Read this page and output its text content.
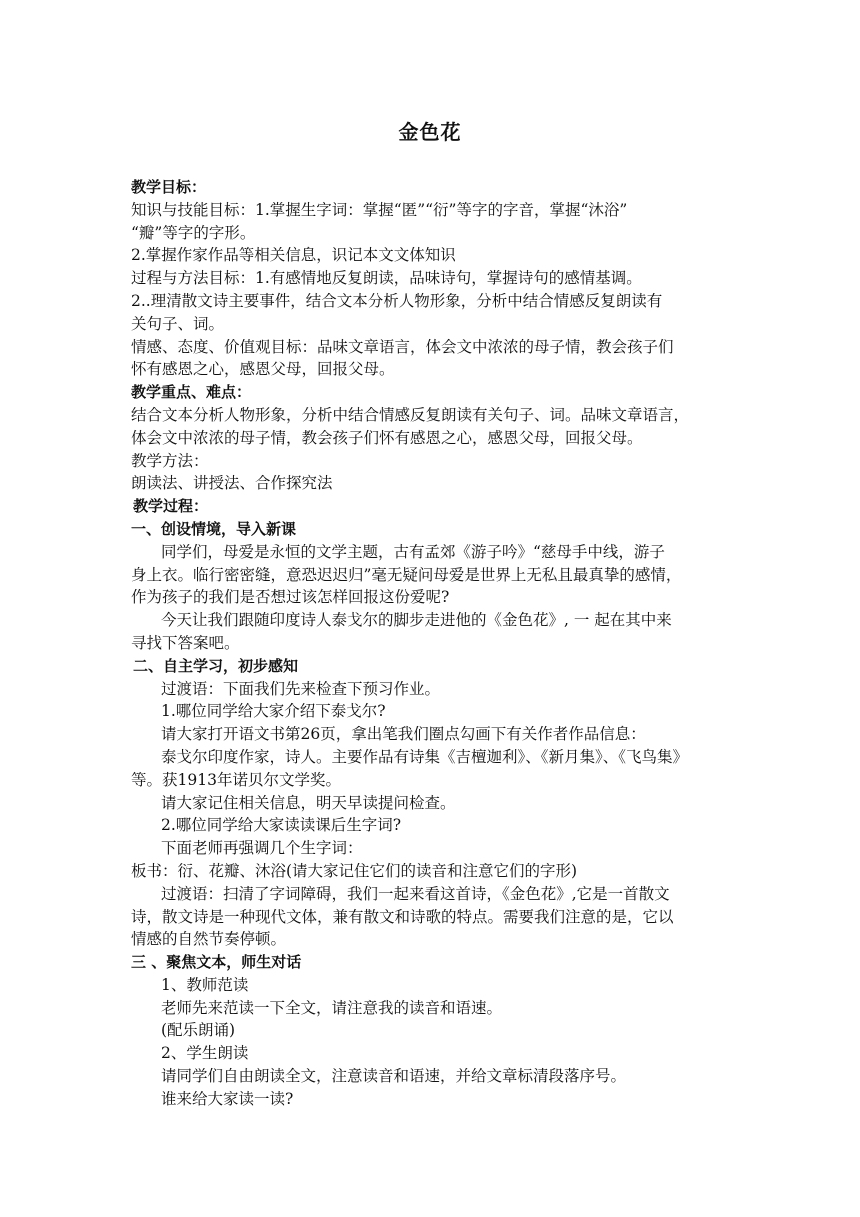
金色花
教学目标：
知识与技能目标：1.掌握生字词：掌握“匿”“衍”等字的字音，掌握“沐浴”
“瓣”等字的字形。
2.掌握作家作品等相关信息，识记本文文体知识
过程与方法目标：1.有感情地反复朗读，品味诗句，掌握诗句的感情基调。
2..理清散文诗主要事件，结合文本分析人物形象，分析中结合情感反复朗读有
关句子、词。
情感、态度、价值观目标：品味文章语言，体会文中浓浓的母子情，教会孩子们
怀有感恩之心，感恩父母，回报父母。
教学重点、难点：
结合文本分析人物形象，分析中结合情感反复朗读有关句子、词。品味文章语言，
体会文中浓浓的母子情，教会孩子们怀有感恩之心，感恩父母，回报父母。
教学方法：
朗读法、讲授法、合作探究法
教学过程：
一、创设情境，导入新课
同学们，母爱是永恒的文学主题，古有孟郊《游子吟》“慈母手中线，游子
身上衣。临行密密缝，意恐迟迟归”毫无疑问母爱是世界上无私且最真挚的感情，
作为孩子的我们是否想过该怎样回报这份爱呢?
今天让我们跟随印度诗人泰戈尔的脚步走进他的《金色花》, 一 起在其中来
寻找下答案吧。
二、自主学习，初步感知
过渡语：下面我们先来检查下预习作业。
1.哪位同学给大家介绍下泰戈尔?
请大家打开语文书第26页，拿出笔我们圈点勾画下有关作者作品信息：
泰戈尔印度作家，诗人。主要作品有诗集《吉檀迦利》、《新月集》、《飞鸟集》
等。获1913年诺贝尔文学奖。
请大家记住相关信息，明天早读提问检查。
2.哪位同学给大家读读课后生字词?
下面老师再强调几个生字词：
板书：衍、花瓣、沐浴(请大家记住它们的读音和注意它们的字形)
过渡语：扫清了字词障碍，我们一起来看这首诗，《金色花》,它是一首散文
诗，散文诗是一种现代文体，兼有散文和诗歌的特点。需要我们注意的是，它以
情感的自然节奏停顿。
三 、聚焦文本，师生对话
1、教师范读
老师先来范读一下全文，请注意我的读音和语速。
(配乐朗诵)
2、学生朗读
请同学们自由朗读全文，注意读音和语速，并给文章标清段落序号。
谁来给大家读一读?
